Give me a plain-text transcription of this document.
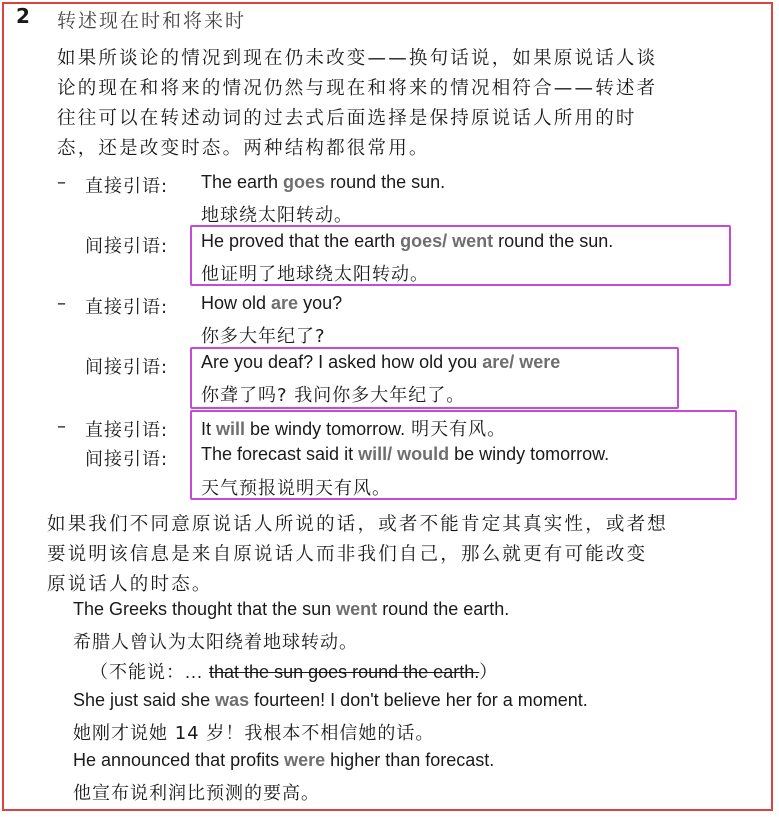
2 转述现在时和将来时
如果所谈论的情况到现在仍未改变——换句话说，如果原说话人谈
论的现在和将来的情况仍然与现在和将来的情况相符合——转述者
往往可以在转述动词的过去式后面选择是保持原说话人所用的时
态，还是改变时态。两种结构都很常用。
– 直接引语: The earth goes round the sun.
地球绕太阳转动。
间接引语: He proved that the earth goes/ went round the sun.
他证明了地球绕太阳转动。
– 直接引语: How old are you?
你多大年纪了?
间接引语: Are you deaf? I asked how old you are/ were
你聋了吗? 我问你多大年纪了。
– 直接引语: It will be windy tomorrow. 明天有风。
间接引语: The forecast said it will/ would be windy tomorrow.
天气预报说明天有风。
如果我们不同意原说话人所说的话，或者不能肯定其真实性，或者想
要说明该信息是来自原说话人而非我们自己，那么就更有可能改变
原说话人的时态。
The Greeks thought that the sun went round the earth.
希腊人曾认为太阳绕着地球转动。
（不能说：... that the sun goes round the earth.）
She just said she was fourteen! I don't believe her for a moment.
她刚才说她 14 岁！我根本不相信她的话。
He announced that profits were higher than forecast.
他宣布说利润比预测的要高。
